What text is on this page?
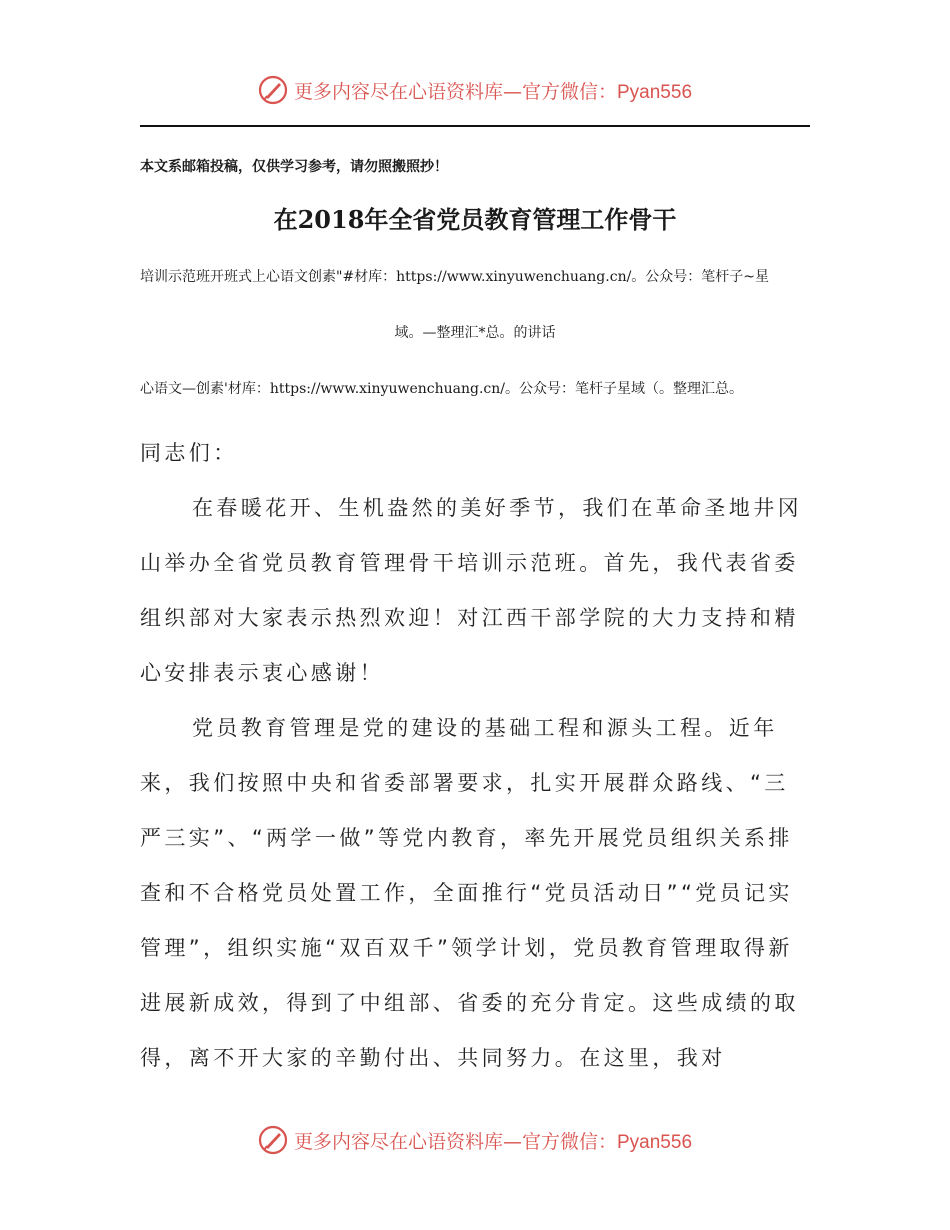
更多内容尽在心语资料库—官方微信：Pyan556
本文系邮箱投稿，仅供学习参考，请勿照搬照抄！
在2018年全省党员教育管理工作骨干
培训示范班开班式上心语文创素"#材库：https://www.xinyuwenchuang.cn/。公众号：笔杆子~星
域。—整理汇*总。的讲话
心语文—创素'材库：https://www.xinyuwenchuang.cn/。公众号：笔杆子星域（。整理汇总。

同志们：

在春暖花开、生机盎然的美好季节，我们在革命圣地井冈山举办全省党员教育管理骨干培训示范班。首先，我代表省委组织部对大家表示热烈欢迎！对江西干部学院的大力支持和精心安排表示衷心感谢！

党员教育管理是党的建设的基础工程和源头工程。近年来，我们按照中央和省委部署要求，扎实开展群众路线、“三严三实”、“两学一做”等党内教育，率先开展党员组织关系排查和不合格党员处置工作，全面推行“党员活动日”“党员记实管理”，组织实施“双百双千”领学计划，党员教育管理取得新进展新成效，得到了中组部、省委的充分肯定。这些成绩的取得，离不开大家的辛勤付出、共同努力。在这里，我对

更多内容尽在心语资料库—官方微信：Pyan556
